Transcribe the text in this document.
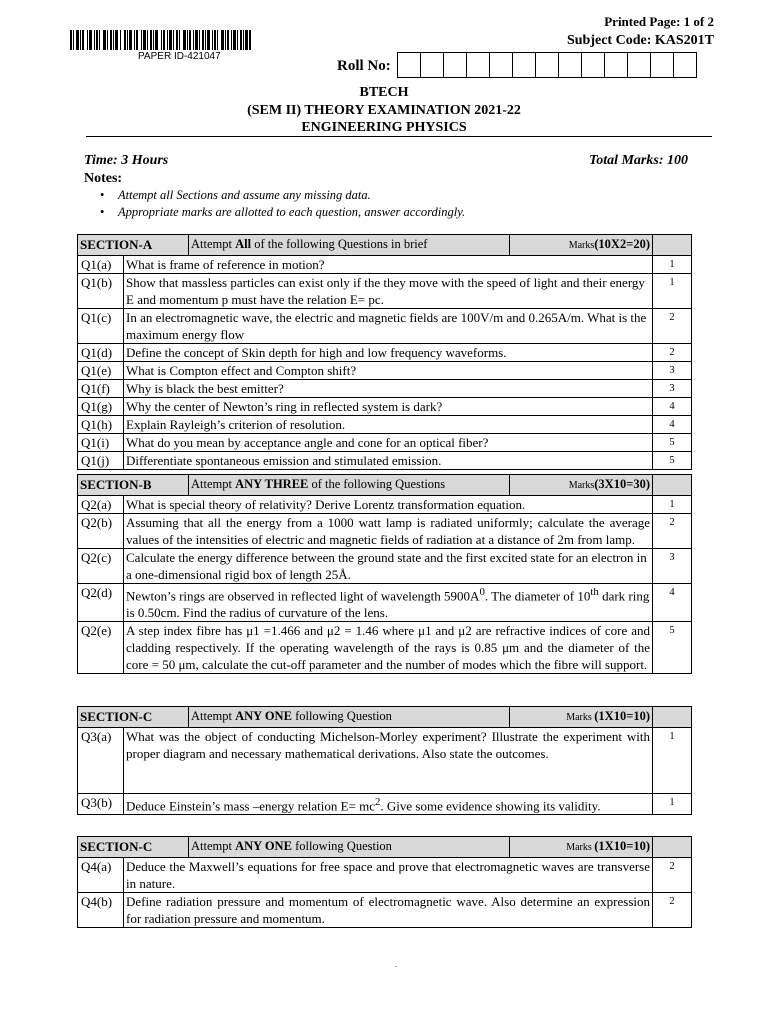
PAPER ID-421047
Printed Page: 1 of 2
Subject Code: KAS201T
Roll No:
BTECH
(SEM II) THEORY EXAMINATION 2021-22
ENGINEERING PHYSICS
Time: 3 Hours	Total Marks: 100
Notes:
• Attempt all Sections and assume any missing data.
• Appropriate marks are allotted to each question, answer accordingly.
SECTION-A		Attempt All of the following Questions in brief	Marks(10X2=20)	
Q1(a)	What is frame of reference in motion?			1
Q1(b)	Show that massless particles can exist only if the they move with the speed of light and their energy E and momentum p must have the relation E= pc.			1
Q1(c)	In an electromagnetic wave, the electric and magnetic fields are 100V/m and 0.265A/m. What is the maximum energy flow			2
Q1(d)	Define the concept of Skin depth for high and low frequency waveforms.			2
Q1(e)	What is Compton effect and Compton shift?			3
Q1(f)	Why is black the best emitter?			3
Q1(g)	Why the center of Newton’s ring in reflected system is dark?			4
Q1(h)	Explain Rayleigh’s criterion of resolution.			4
Q1(i)	What do you mean by acceptance angle and cone for an optical fiber?			5
Q1(j)	Differentiate spontaneous emission and stimulated emission.			5
SECTION-B		Attempt ANY THREE of the following Questions	Marks(3X10=30)	
Q2(a)	What is special theory of relativity? Derive Lorentz transformation equation.			1
Q2(b)	Assuming that all the energy from a 1000 watt lamp is radiated uniformly; calculate the average values of the intensities of electric and magnetic fields of radiation at a distance of 2m from lamp.			2
Q2(c)	Calculate the energy difference between the ground state and the first excited state for an electron in a one-dimensional rigid box of length 25Å.			3
Q2(d)	Newton’s rings are observed in reflected light of wavelength $5900A^0$. The diameter of 10th dark ring is 0.50cm. Find the radius of curvature of the lens.			4
Q2(e)	A step index fibre has μ1 =1.466 and μ2 = 1.46 where μ1 and μ2 are refractive indices of core and cladding respectively. If the operating wavelength of the rays is 0.85 μm and the diameter of the core = 50 μm, calculate the cut-off parameter and the number of modes which the fibre will support.			5
SECTION-C		Attempt ANY ONE following Question	Marks (1X10=10)	
Q3(a)	What was the object of conducting Michelson-Morley experiment? Illustrate the experiment with proper diagram and necessary mathematical derivations. Also state the outcomes.			1
Q3(b)	Deduce Einstein’s mass –energy relation $E= mc^2$. Give some evidence showing its validity.			1
SECTION-C		Attempt ANY ONE following Question	Marks (1X10=10)	
Q4(a)	Deduce the Maxwell’s equations for free space and prove that electromagnetic waves are transverse in nature.			2
Q4(b)	Define radiation pressure and momentum of electromagnetic wave. Also determine an expression for radiation pressure and momentum.			2
.
